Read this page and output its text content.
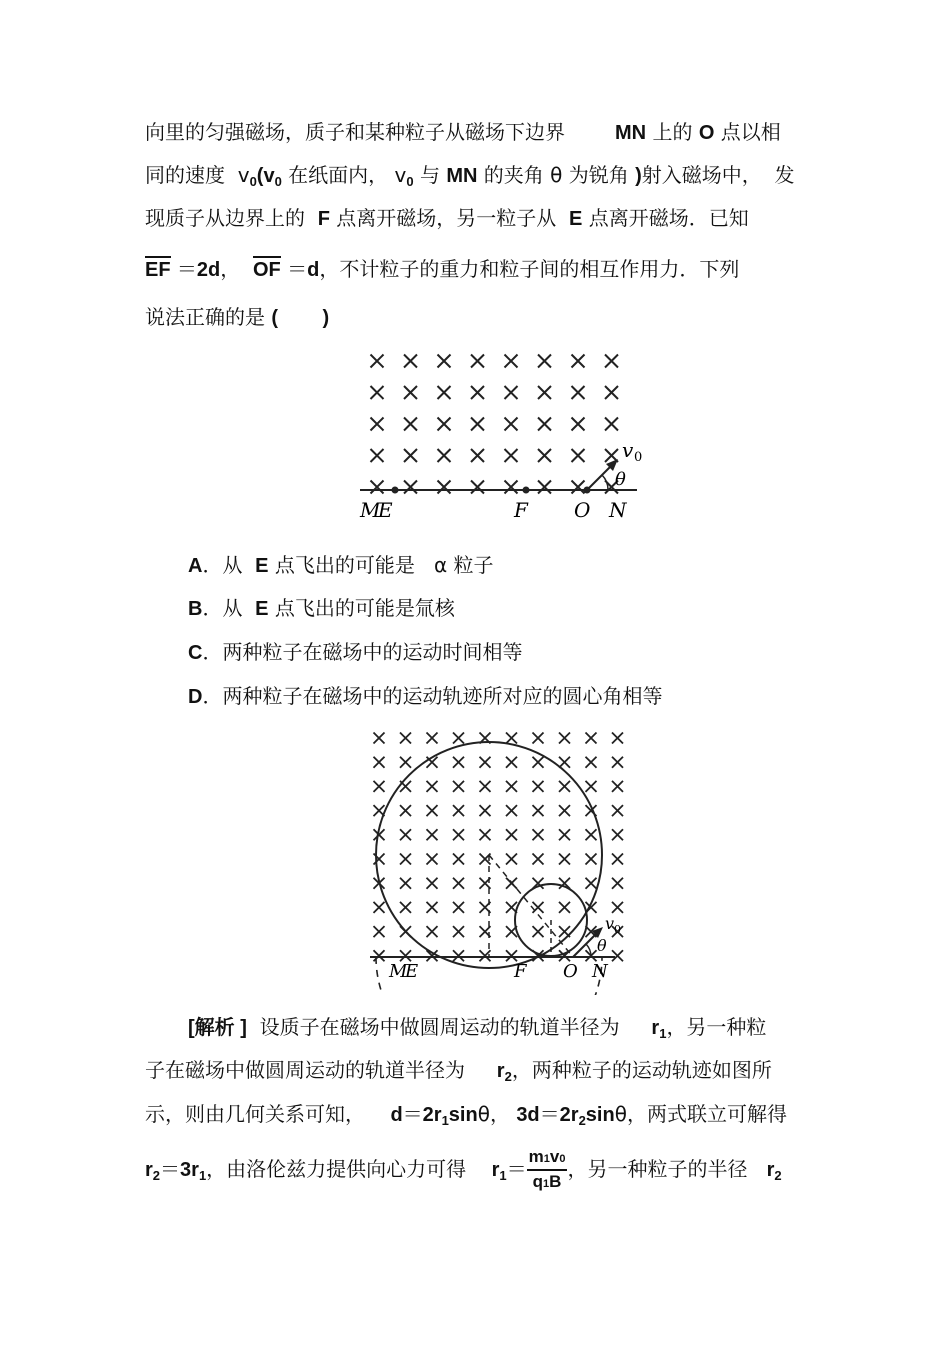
向里的匀强磁场，质子和某种粒子从磁场下边界	MN 上的 O 点以相
同的速度  $v_0(v_0$ 在纸面内， $v_0$ 与 MN 的夹角 θ 为锐角 )射入磁场中，  发
现质子从边界上的  F 点离开磁场，另一粒子从  E 点离开磁场．已知
EF ＝2d， OF ＝d，不计粒子的重力和粒子间的相互作用力．下列
说法正确的是 (        )
M
E	F O N
v 0
θ
A．从  E 点飞出的可能是   α 粒子
B．从  E 点飞出的可能是氚核
C．两种粒子在磁场中的运动时间相等
D．两种粒子在磁场中的运动轨迹所对应的圆心角相等
M
E	F O N
v 0
θ
[解析 ]  设质子在磁场中做圆周运动的轨道半径为     $r_1$，另一种粒
子在磁场中做圆周运动的轨道半径为     $r_2$，两种粒子的运动轨迹如图所
示，则由几何关系可知，    $d=2r_1\sin\theta$， $3d=2r_2\sin\theta$，两式联立可解得
$r_2=3r_1$，由洛伦兹力提供向心力可得    $r_1= \frac{m1v0}{q1B}$ ，另一种粒子的半径   $r_2$
